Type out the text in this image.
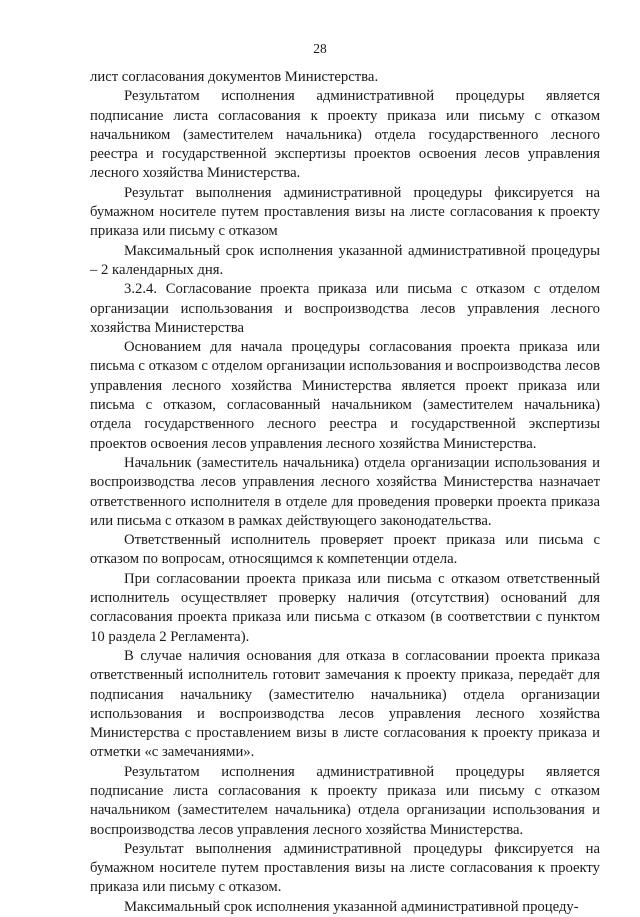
28

лист согласования документов Министерства.

Результатом исполнения административной процедуры является подписание листа согласования к проекту приказа или письму с отказом начальником (заместителем начальника) отдела государственного лесного реестра и государственной экспертизы проектов освоения лесов управления лесного хозяйства Министерства.

Результат выполнения административной процедуры фиксируется на бумажном носителе путем проставления визы на листе согласования к проекту приказа или письму с отказом

Максимальный срок исполнения указанной административной процедуры – 2 календарных дня.

3.2.4. Согласование проекта приказа или письма с отказом с отделом организации использования и воспроизводства лесов управления лесного хозяйства Министерства

Основанием для начала процедуры согласования проекта приказа или письма с отказом с отделом организации использования и воспроизводства лесов управления лесного хозяйства Министерства является проект приказа или письма с отказом, согласованный начальником (заместителем начальника) отдела государственного лесного реестра и государственной экспертизы проектов освоения лесов управления лесного хозяйства Министерства.

Начальник (заместитель начальника) отдела организации использования и воспроизводства лесов управления лесного хозяйства Министерства назначает ответственного исполнителя в отделе для проведения проверки проекта приказа или письма с отказом в рамках действующего законодательства.

Ответственный исполнитель проверяет проект приказа или письма с отказом по вопросам, относящимся к компетенции отдела.

При согласовании проекта приказа или письма с отказом ответственный исполнитель осуществляет проверку наличия (отсутствия) оснований для согласования проекта приказа или письма с отказом (в соответствии с пунктом 10 раздела 2 Регламента).

В случае наличия основания для отказа в согласовании проекта приказа ответственный исполнитель готовит замечания к проекту приказа, передаёт для подписания начальнику (заместителю начальника) отдела организации использования и воспроизводства лесов управления лесного хозяйства Министерства с проставлением визы в листе согласования к проекту приказа и отметки «с замечаниями».

Результатом исполнения административной процедуры является подписание листа согласования к проекту приказа или письму с отказом начальником (заместителем начальника) отдела организации использования и воспроизводства лесов управления лесного хозяйства Министерства.

Результат выполнения административной процедуры фиксируется на бумажном носителе путем проставления визы на листе согласования к проекту приказа или письму с отказом.

Максимальный срок исполнения указанной административной процеду-
